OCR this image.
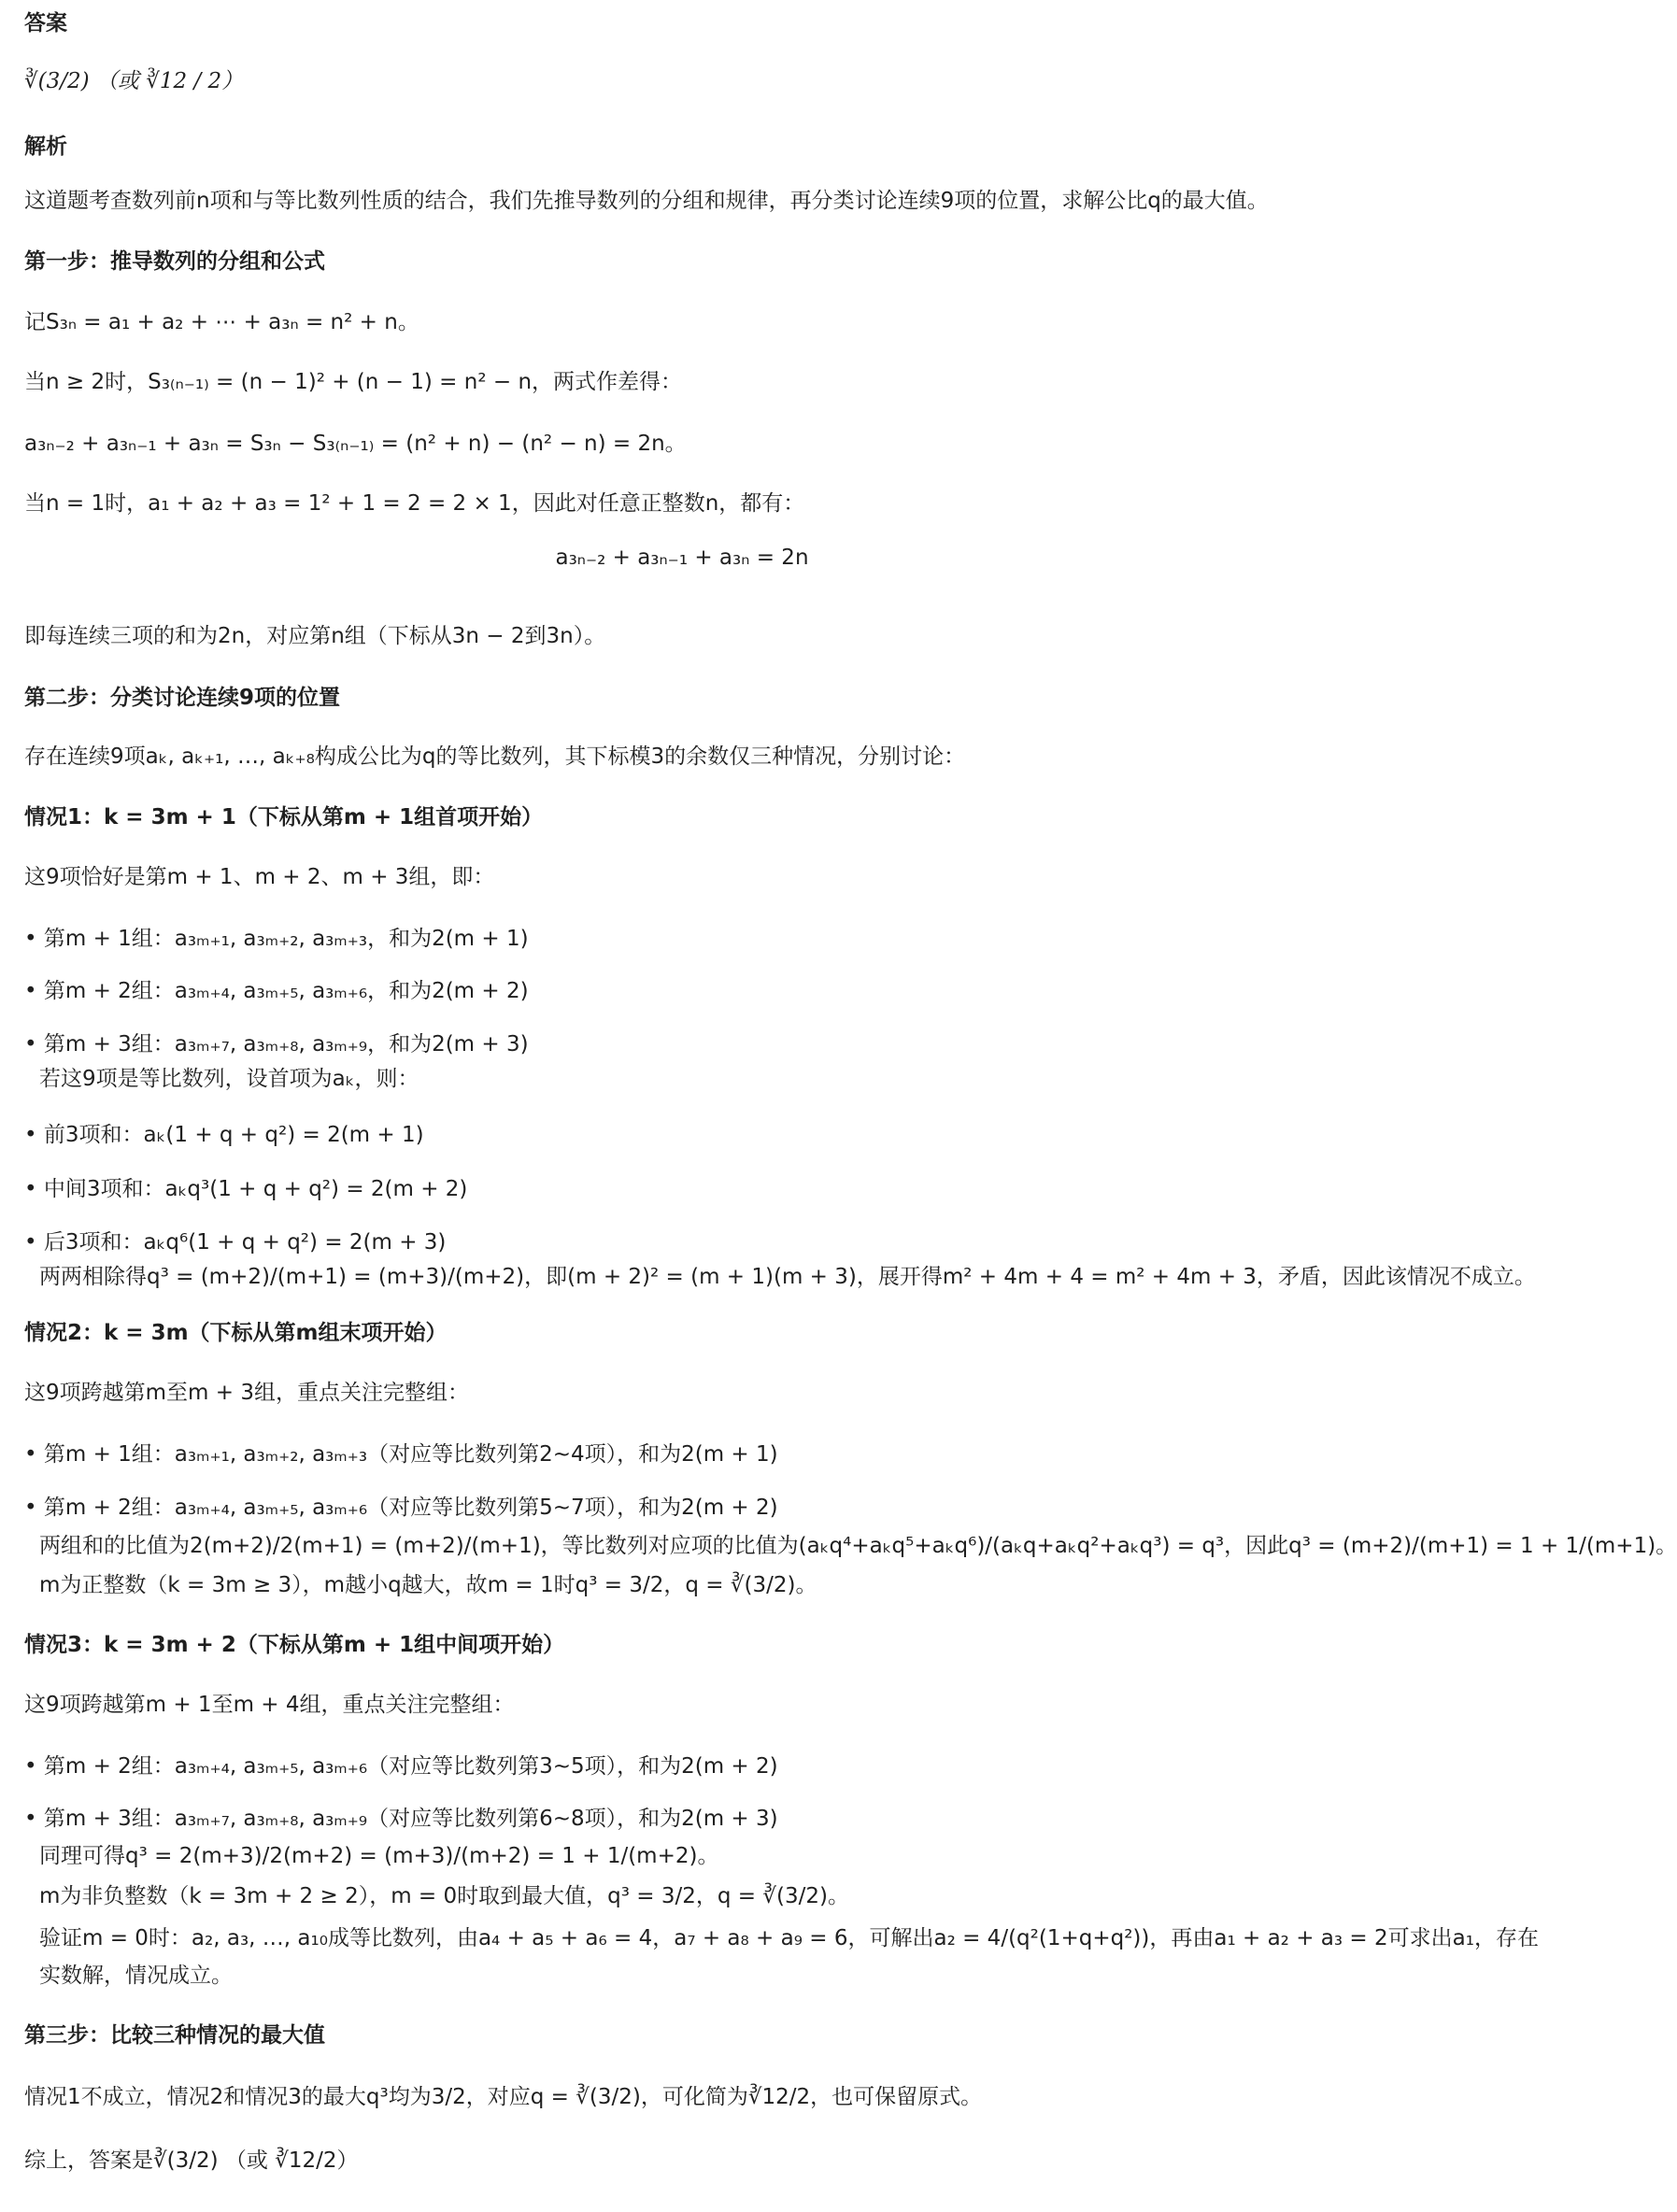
答案
∛(3/2) （或 ∛12 / 2）
解析
这道题考查数列前n项和与等比数列性质的结合，我们先推导数列的分组和规律，再分类讨论连续9项的位置，求解公比q的最大值。
第一步：推导数列的分组和公式
记S₃ₙ = a₁ + a₂ + ⋯ + a₃ₙ = n² + n。
当n ≥ 2时，S₃₍ₙ₋₁₎ = (n − 1)² + (n − 1) = n² − n，两式作差得：
a₃ₙ₋₂ + a₃ₙ₋₁ + a₃ₙ = S₃ₙ − S₃₍ₙ₋₁₎ = (n² + n) − (n² − n) = 2n。
当n = 1时，a₁ + a₂ + a₃ = 1² + 1 = 2 = 2 × 1，因此对任意正整数n，都有：
a₃ₙ₋₂ + a₃ₙ₋₁ + a₃ₙ = 2n
即每连续三项的和为2n，对应第n组（下标从3n − 2到3n）。
第二步：分类讨论连续9项的位置
存在连续9项aₖ, aₖ₊₁, …, aₖ₊₈构成公比为q的等比数列，其下标模3的余数仅三种情况，分别讨论：
情况1：k = 3m + 1（下标从第m + 1组首项开始）
这9项恰好是第m + 1、m + 2、m + 3组，即：
• 第m + 1组：a₃ₘ₊₁, a₃ₘ₊₂, a₃ₘ₊₃，和为2(m + 1)
• 第m + 2组：a₃ₘ₊₄, a₃ₘ₊₅, a₃ₘ₊₆，和为2(m + 2)
• 第m + 3组：a₃ₘ₊₇, a₃ₘ₊₈, a₃ₘ₊₉，和为2(m + 3)
若这9项是等比数列，设首项为aₖ，则：
• 前3项和：aₖ(1 + q + q²) = 2(m + 1)
• 中间3项和：aₖq³(1 + q + q²) = 2(m + 2)
• 后3项和：aₖq⁶(1 + q + q²) = 2(m + 3)
两两相除得q³ = (m+2)/(m+1) = (m+3)/(m+2)，即(m + 2)² = (m + 1)(m + 3)，展开得m² + 4m + 4 = m² + 4m + 3，矛盾，因此该情况不成立。
情况2：k = 3m（下标从第m组末项开始）
这9项跨越第m至m + 3组，重点关注完整组：
• 第m + 1组：a₃ₘ₊₁, a₃ₘ₊₂, a₃ₘ₊₃（对应等比数列第2~4项），和为2(m + 1)
• 第m + 2组：a₃ₘ₊₄, a₃ₘ₊₅, a₃ₘ₊₆（对应等比数列第5~7项），和为2(m + 2)
两组和的比值为2(m+2)/2(m+1) = (m+2)/(m+1)，等比数列对应项的比值为(aₖq⁴+aₖq⁵+aₖq⁶)/(aₖq+aₖq²+aₖq³) = q³，因此q³ = (m+2)/(m+1) = 1 + 1/(m+1)。
m为正整数（k = 3m ≥ 3），m越小q越大，故m = 1时q³ = 3/2，q = ∛(3/2)。
情况3：k = 3m + 2（下标从第m + 1组中间项开始）
这9项跨越第m + 1至m + 4组，重点关注完整组：
• 第m + 2组：a₃ₘ₊₄, a₃ₘ₊₅, a₃ₘ₊₆（对应等比数列第3~5项），和为2(m + 2)
• 第m + 3组：a₃ₘ₊₇, a₃ₘ₊₈, a₃ₘ₊₉（对应等比数列第6~8项），和为2(m + 3)
同理可得q³ = 2(m+3)/2(m+2) = (m+3)/(m+2) = 1 + 1/(m+2)。
m为非负整数（k = 3m + 2 ≥ 2），m = 0时取到最大值，q³ = 3/2，q = ∛(3/2)。
验证m = 0时：a₂, a₃, …, a₁₀成等比数列，由a₄ + a₅ + a₆ = 4，a₇ + a₈ + a₉ = 6，可解出a₂ = 4/(q²(1+q+q²))，再由a₁ + a₂ + a₃ = 2可求出a₁，存在
实数解，情况成立。
第三步：比较三种情况的最大值
情况1不成立，情况2和情况3的最大q³均为3/2，对应q = ∛(3/2)，可化简为∛12/2，也可保留原式。
综上，答案是∛(3/2) （或 ∛12/2）
